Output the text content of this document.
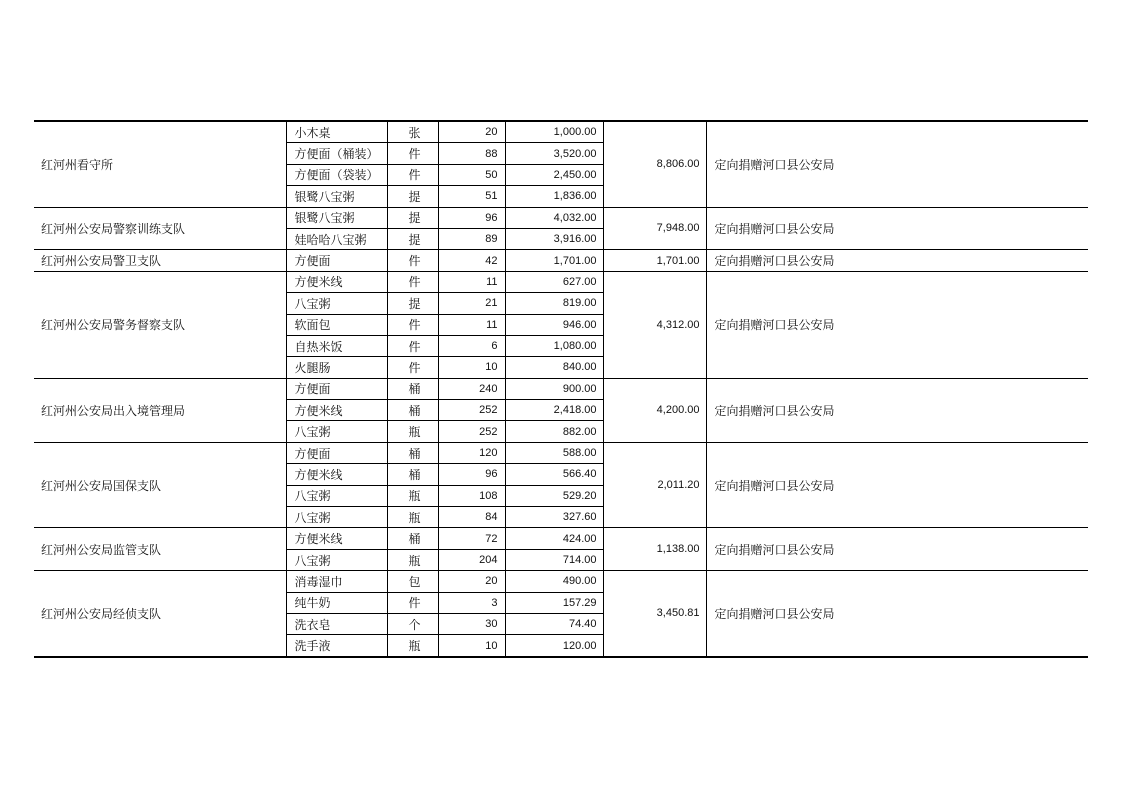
红河州看守所	小木桌	张	20	1,000.00	8,806.00	定向捐赠河口县公安局
	方便面（桶装）	件	88	3,520.00		
	方便面（袋装）	件	50	2,450.00		
	银鹭八宝粥	提	51	1,836.00		
红河州公安局警察训练支队	银鹭八宝粥	提	96	4,032.00	7,948.00	定向捐赠河口县公安局
	娃哈哈八宝粥	提	89	3,916.00		
红河州公安局警卫支队	方便面	件	42	1,701.00	1,701.00	定向捐赠河口县公安局
红河州公安局警务督察支队	方便米线	件	11	627.00	4,312.00	定向捐赠河口县公安局
	八宝粥	提	21	819.00		
	软面包	件	11	946.00		
	自热米饭	件	6	1,080.00		
	火腿肠	件	10	840.00		
红河州公安局出入境管理局	方便面	桶	240	900.00	4,200.00	定向捐赠河口县公安局
	方便米线	桶	252	2,418.00		
	八宝粥	瓶	252	882.00		
红河州公安局国保支队	方便面	桶	120	588.00	2,011.20	定向捐赠河口县公安局
	方便米线	桶	96	566.40		
	八宝粥	瓶	108	529.20		
	八宝粥	瓶	84	327.60		
红河州公安局监管支队	方便米线	桶	72	424.00	1,138.00	定向捐赠河口县公安局
	八宝粥	瓶	204	714.00		
红河州公安局经侦支队	消毒湿巾	包	20	490.00	3,450.81	定向捐赠河口县公安局
	纯牛奶	件	3	157.29		
	洗衣皂	个	30	74.40		
	洗手液	瓶	10	120.00		
